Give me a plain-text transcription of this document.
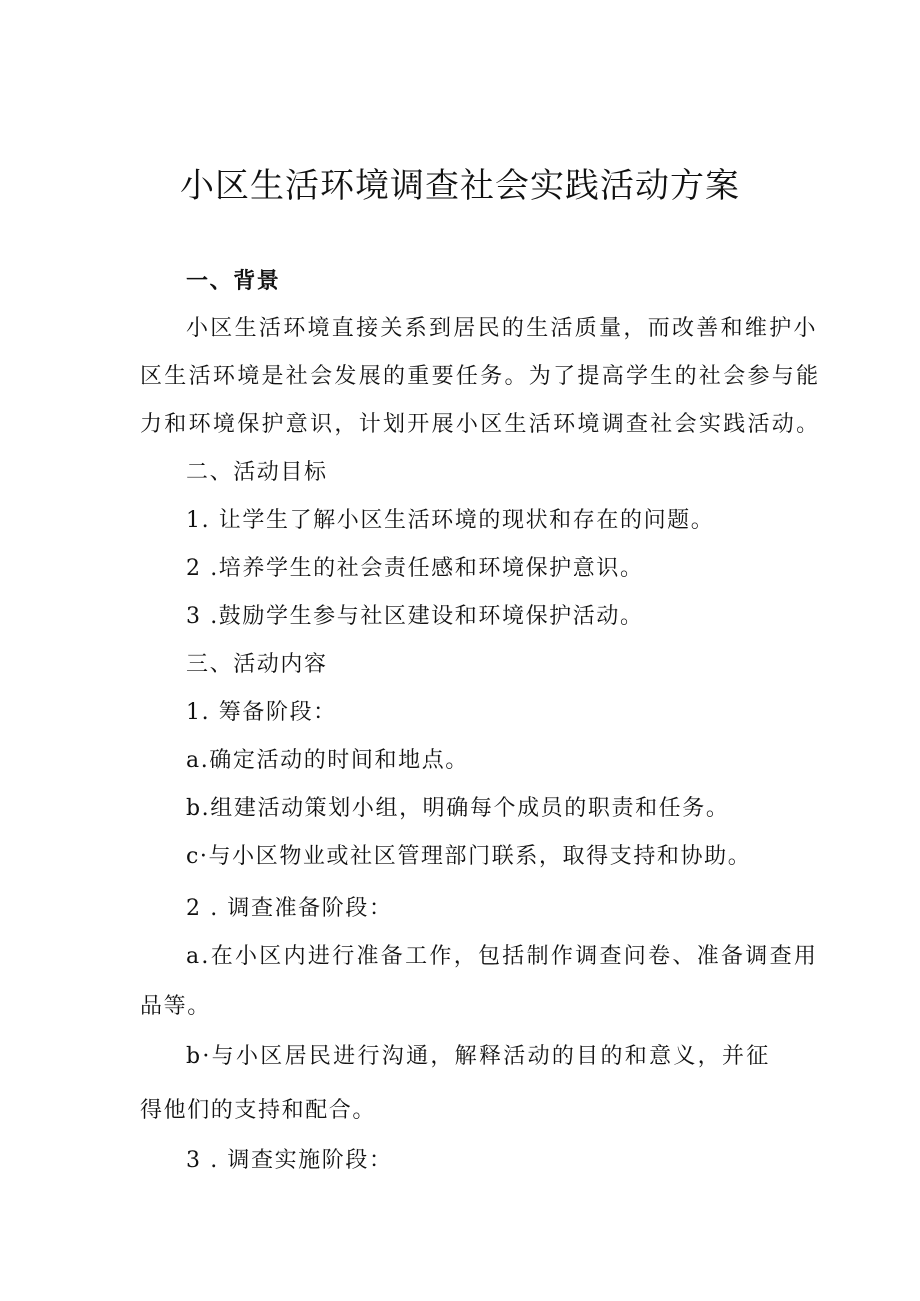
小区生活环境调查社会实践活动方案

一、背景

小区生活环境直接关系到居民的生活质量，而改善和维护小

区生活环境是社会发展的重要任务。为了提高学生的社会参与能

力和环境保护意识，计划开展小区生活环境调查社会实践活动。

二、活动目标

1. 让学生了解小区生活环境的现状和存在的问题。

2 .培养学生的社会责任感和环境保护意识。

3 .鼓励学生参与社区建设和环境保护活动。

三、活动内容

1. 筹备阶段：

a.确定活动的时间和地点。

b.组建活动策划小组，明确每个成员的职责和任务。

c·与小区物业或社区管理部门联系，取得支持和协助。

2 . 调查准备阶段：

a.在小区内进行准备工作，包括制作调查问卷、准备调查用

品等。

b·与小区居民进行沟通，解释活动的目的和意义，并征

得他们的支持和配合。

3 . 调查实施阶段：
